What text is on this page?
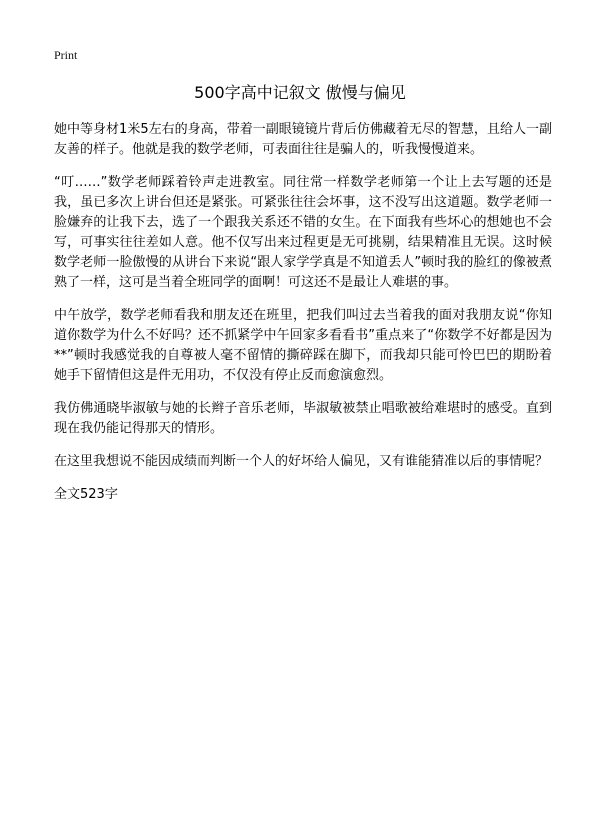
Print
500字高中记叙文 傲慢与偏见

她中等身材1米5左右的身高，带着一副眼镜镜片背后仿佛藏着无尽的智慧，且给人一副友善的样子。他就是我的数学老师，可表面往往是骗人的，听我慢慢道来。

“叮……”数学老师踩着铃声走进教室。同往常一样数学老师第一个让上去写题的还是我，虽已多次上讲台但还是紧张。可紧张往往会坏事，这不没写出这道题。数学老师一脸嫌弃的让我下去，选了一个跟我关系还不错的女生。在下面我有些坏心的想她也不会写，可事实往往差如人意。他不仅写出来过程更是无可挑剔，结果精准且无误。这时候数学老师一脸傲慢的从讲台下来说“跟人家学学真是不知道丢人”顿时我的脸红的像被煮熟了一样，这可是当着全班同学的面啊！可这还不是最让人难堪的事。

中午放学，数学老师看我和朋友还在班里，把我们叫过去当着我的面对我朋友说“你知道你数学为什么不好吗？还不抓紧学中午回家多看看书”重点来了“你数学不好都是因为**”顿时我感觉我的自尊被人毫不留情的撕碎踩在脚下，而我却只能可怜巴巴的期盼着她手下留情但这是件无用功，不仅没有停止反而愈演愈烈。

我仿佛通晓毕淑敏与她的长辫子音乐老师，毕淑敏被禁止唱歌被给难堪时的感受。直到现在我仍能记得那天的情形。

在这里我想说不能因成绩而判断一个人的好坏给人偏见，又有谁能猜准以后的事情呢？

全文523字
